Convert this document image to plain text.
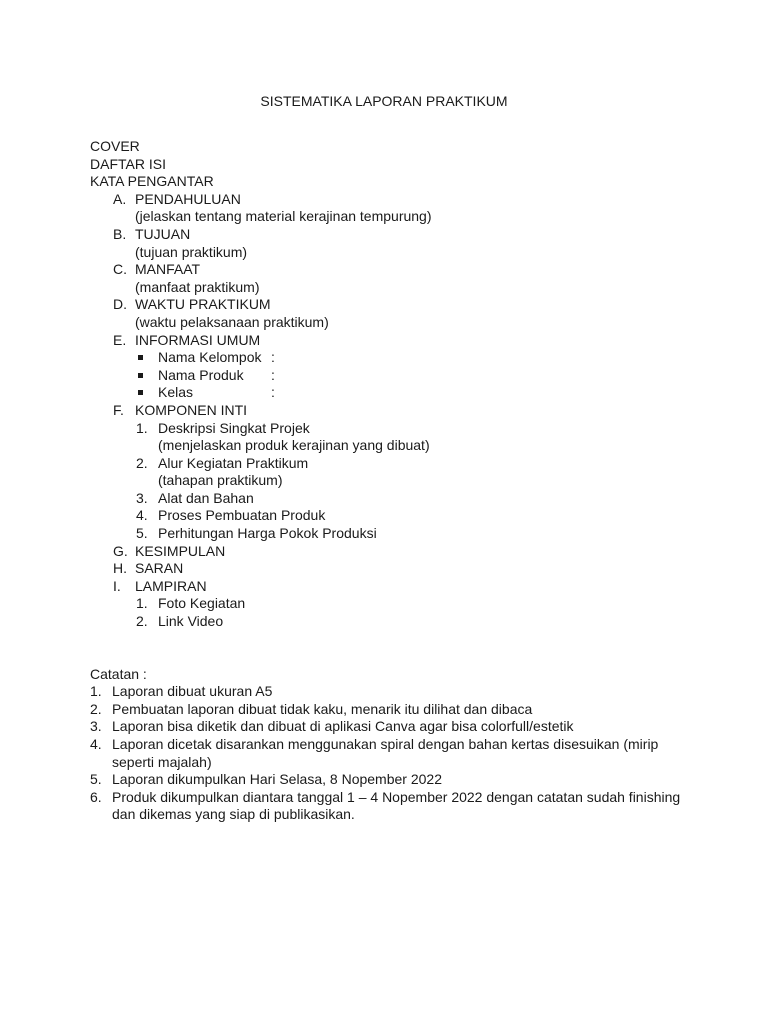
SISTEMATIKA LAPORAN PRAKTIKUM
COVER
DAFTAR ISI
KATA PENGANTAR
A. PENDAHULUAN
(jelaskan tentang material kerajinan tempurung)
B. TUJUAN
(tujuan praktikum)
C. MANFAAT
(manfaat praktikum)
D. WAKTU PRAKTIKUM
(waktu pelaksanaan praktikum)
E. INFORMASI UMUM
Nama Kelompok :
Nama Produk :
Kelas	:
F. KOMPONEN INTI
1. Deskripsi Singkat Projek
(menjelaskan produk kerajinan yang dibuat)
2. Alur Kegiatan Praktikum
(tahapan praktikum)
3. Alat dan Bahan
4. Proses Pembuatan Produk
5. Perhitungan Harga Pokok Produksi
G. KESIMPULAN
H. SARAN
I. LAMPIRAN
1. Foto Kegiatan
2. Link Video
Catatan :
1. Laporan dibuat ukuran A5
2. Pembuatan laporan dibuat tidak kaku, menarik itu dilihat dan dibaca
3. Laporan bisa diketik dan dibuat di aplikasi Canva agar bisa colorfull/estetik
4. Laporan dicetak disarankan menggunakan spiral dengan bahan kertas disesuikan (mirip
seperti majalah)
5. Laporan dikumpulkan Hari Selasa, 8 Nopember 2022
6. Produk dikumpulkan diantara tanggal 1 – 4 Nopember 2022 dengan catatan sudah finishing
dan dikemas yang siap di publikasikan.
